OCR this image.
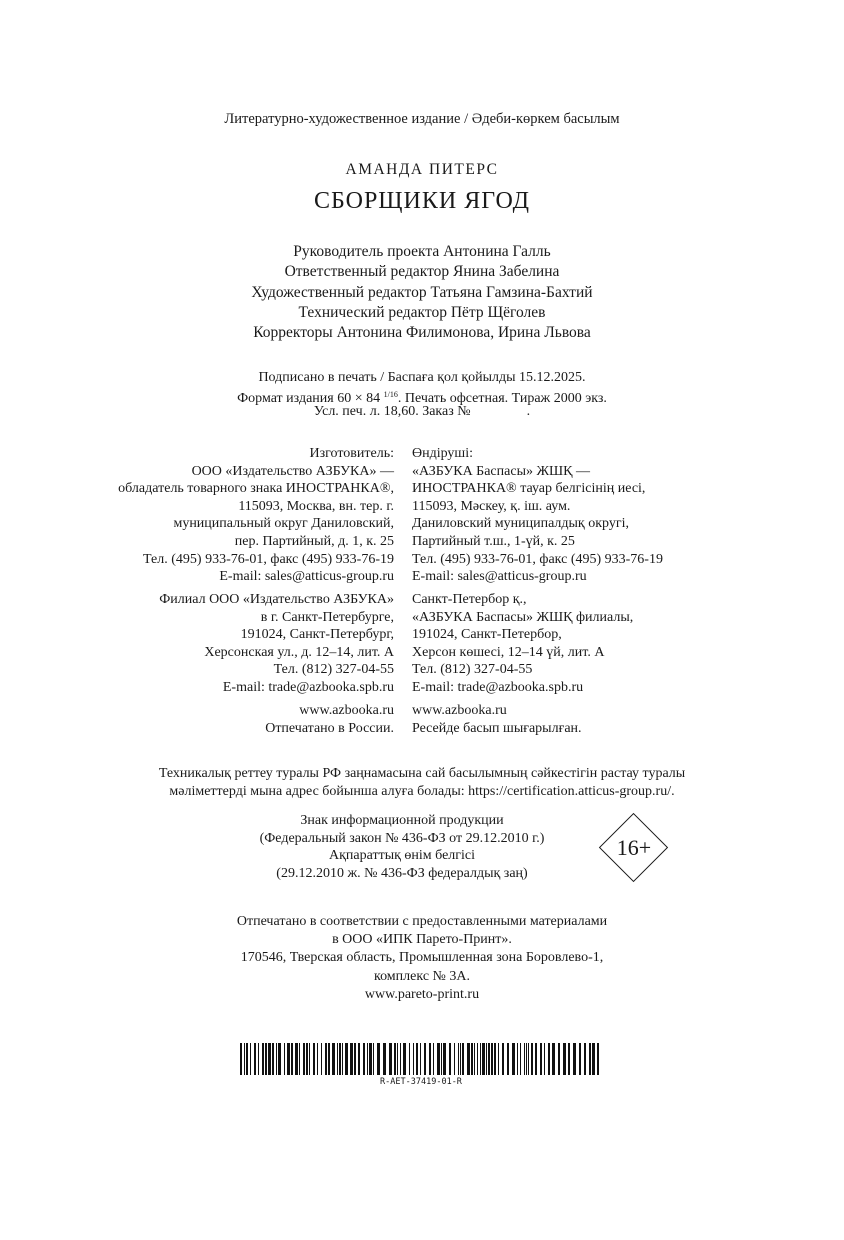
Литературно-художественное издание / Әдеби-көркем басылым
АМАНДА ПИТЕРС
СБОРЩИКИ ЯГОД
Руководитель проекта Антонина Галль
Ответственный редактор Янина Забелина
Художественный редактор Татьяна Гамзина-Бахтий
Технический редактор Пётр Щёголев
Корректоры Антонина Филимонова, Ирина Львова
Подписано в печать / Баспаға қол қойылды 15.12.2025.
Формат издания 60 × 84 $^{1/16}$. Печать офсетная. Тираж 2000 экз.
Усл. печ. л. 18,60. Заказ №                .
Изготовитель:
ООО «Издательство АЗБУКА» —
обладатель товарного знака ИНОСТРАНКА®,
115093, Москва, вн. тер. г.
муниципальный округ Даниловский,
пер. Партийный, д. 1, к. 25
Тел. (495) 933-76-01, факс (495) 933-76-19
E-mail: sales@atticus-group.ru
Өндіруші:
«АЗБУКА Баспасы» ЖШҚ —
ИНОСТРАНКА® тауар белгісінің иесі,
115093, Мәскеу, қ. іш. аум.
Даниловский муниципалдық округі,
Партийный т.ш., 1-үй, к. 25
Тел. (495) 933-76-01, факс (495) 933-76-19
E-mail: sales@atticus-group.ru
Филиал ООО «Издательство АЗБУКА»
в г. Санкт-Петербурге,
191024, Санкт-Петербург,
Херсонская ул., д. 12–14, лит. А
Тел. (812) 327-04-55
E-mail: trade@azbooka.spb.ru
Санкт-Петербор қ.,
«АЗБУКА Баспасы» ЖШҚ филиалы,
191024, Санкт-Петербор,
Херсон көшесі, 12–14 үй, лит. А
Тел. (812) 327-04-55
E-mail: trade@azbooka.spb.ru
www.azbooka.ru
Отпечатано в России.
www.azbooka.ru
Ресейде басып шығарылған.
Техникалық реттеу туралы РФ заңнамасына сай басылымның сәйкестігін растау туралы
мәліметтерді мына адрес бойынша алуға болады: https://certification.atticus-group.ru/.
Знак информационной продукции
(Федеральный закон № 436-ФЗ от 29.12.2010 г.)
Ақпараттық өнім белгісі
(29.12.2010 ж. № 436-ФЗ федералдық заң)
16+
Отпечатано в соответствии с предоставленными материалами
в ООО «ИПК Парето-Принт».
170546, Тверская область, Промышленная зона Боровлево-1,
комплекс № 3А.
www.pareto-print.ru
R-AET-37419-01-R
